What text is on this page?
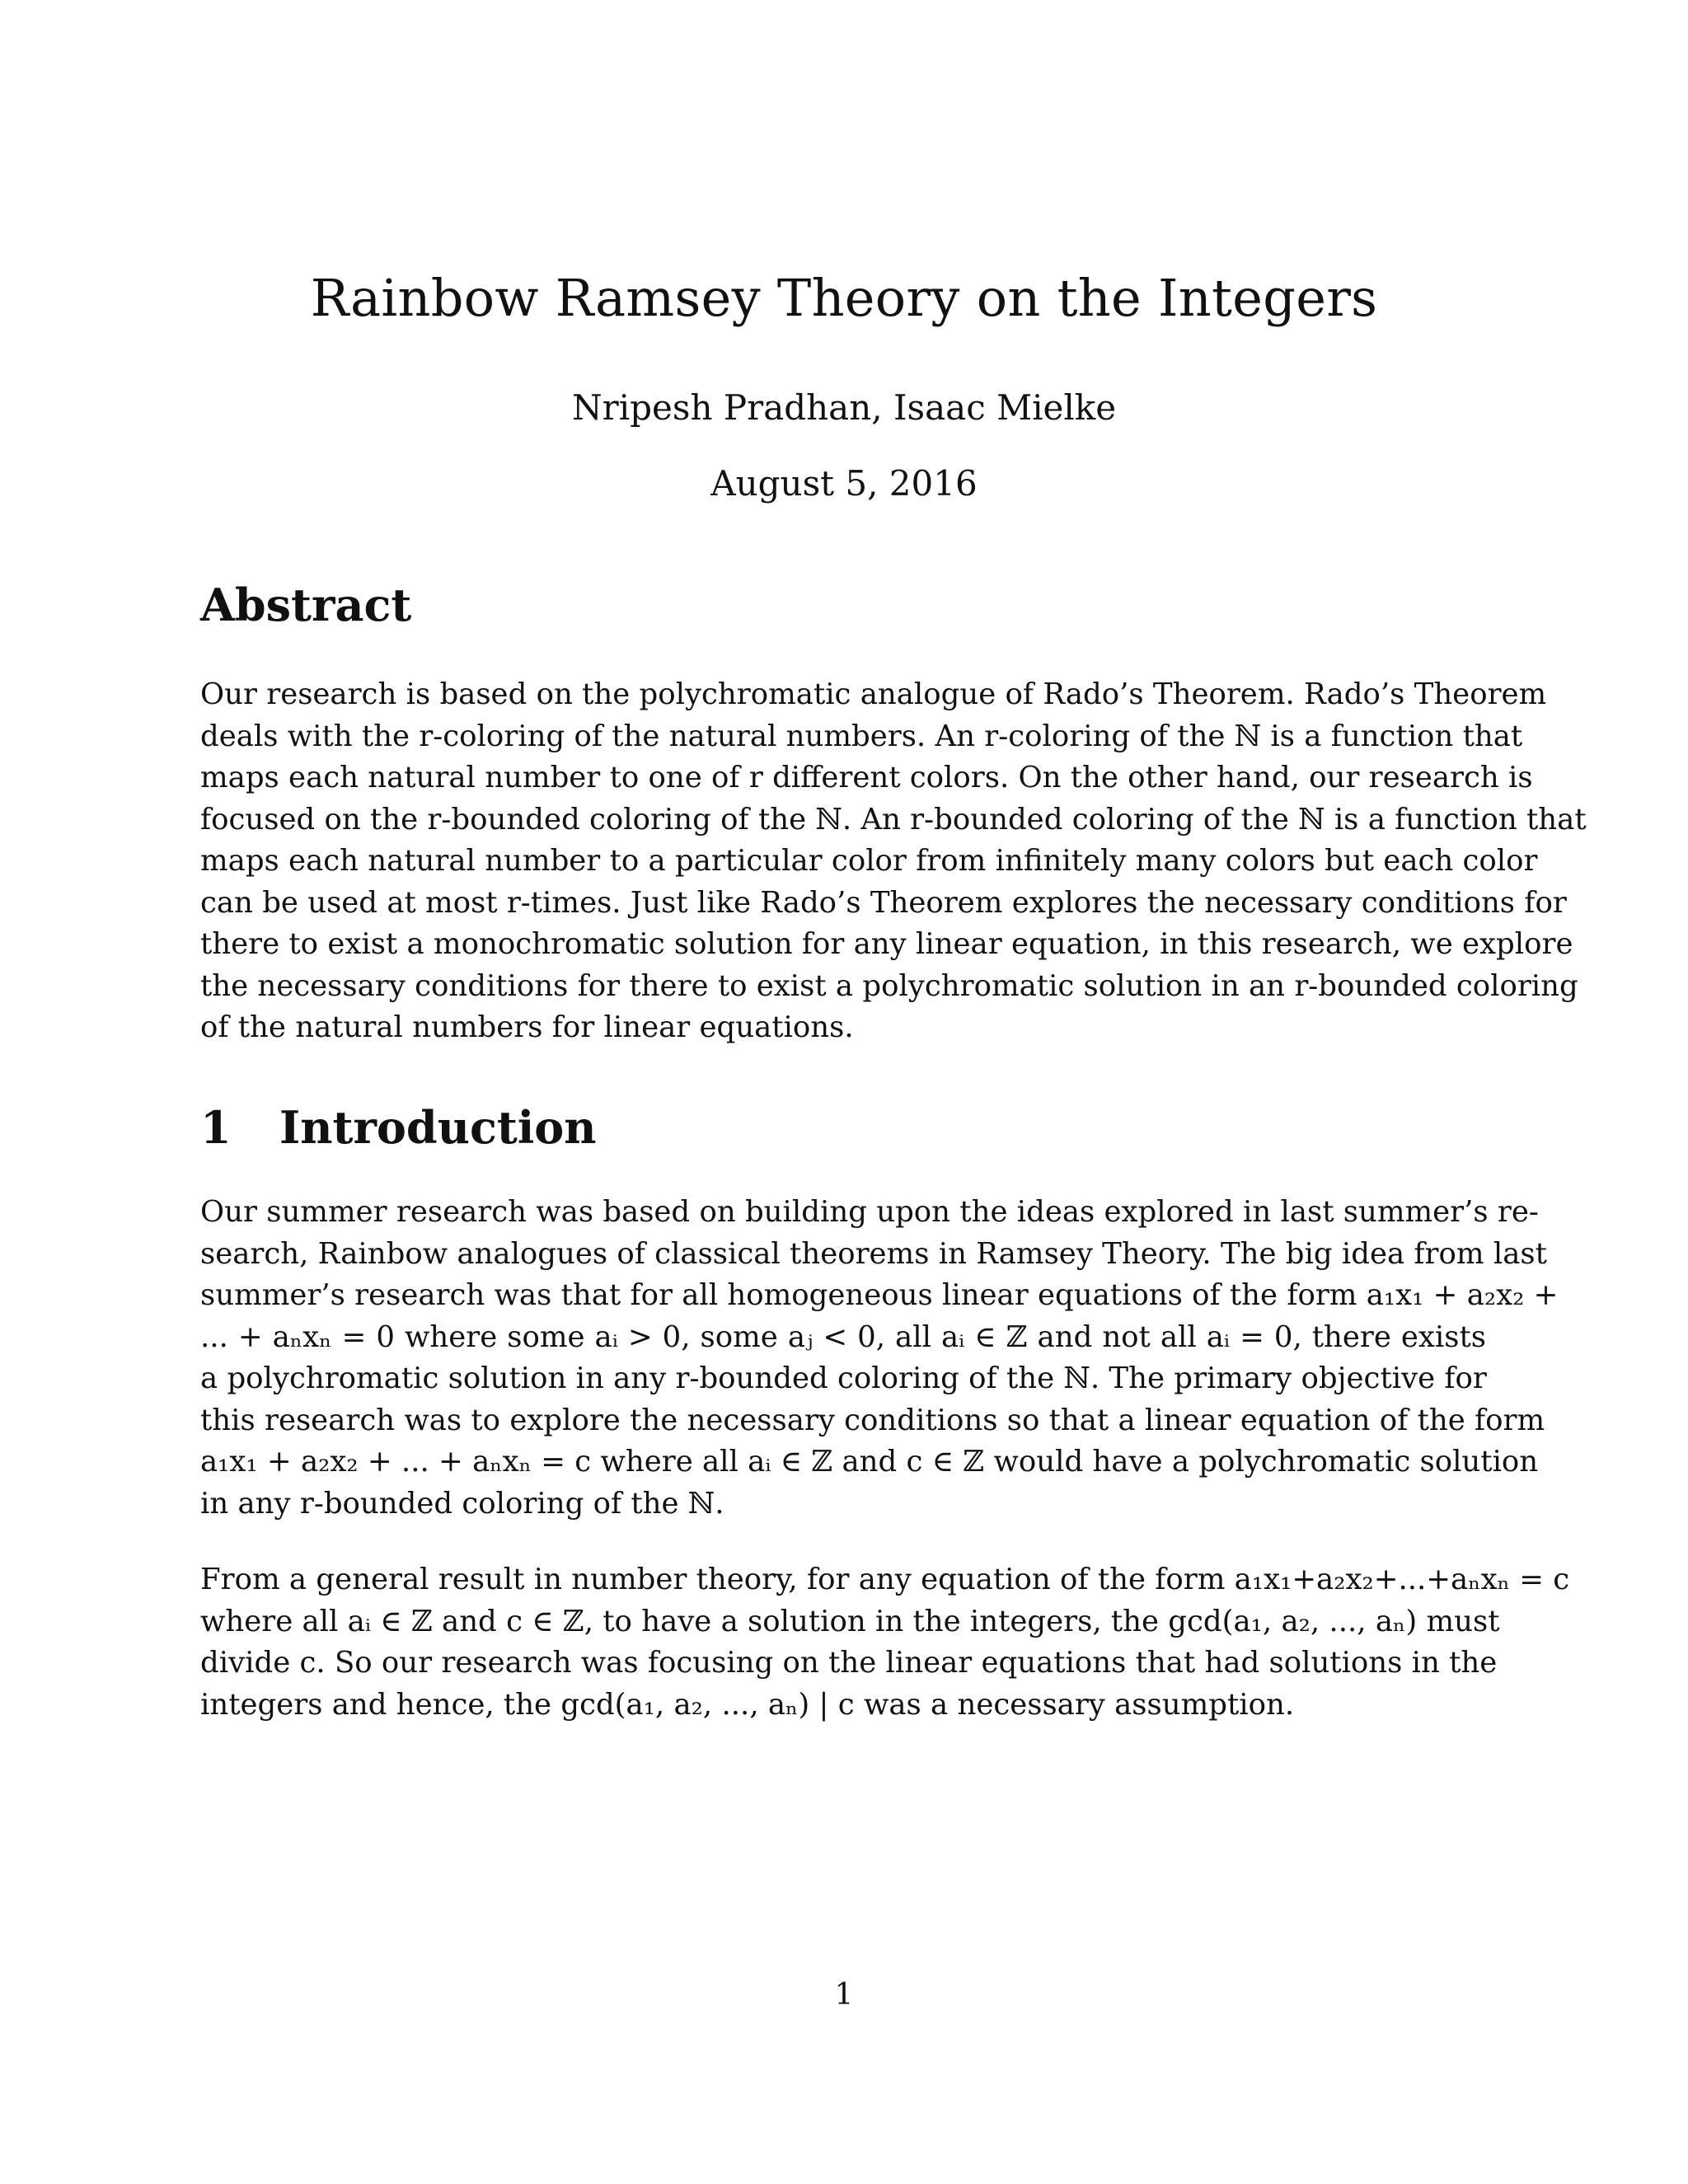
Rainbow Ramsey Theory on the Integers
Nripesh Pradhan, Isaac Mielke
August 5, 2016
Abstract
Our research is based on the polychromatic analogue of Rado’s Theorem. Rado’s Theorem
deals with the r-coloring of the natural numbers. An r-coloring of the ℕ is a function that
maps each natural number to one of r different colors. On the other hand, our research is
focused on the r-bounded coloring of the ℕ. An r-bounded coloring of the ℕ is a function that
maps each natural number to a particular color from infinitely many colors but each color
can be used at most r-times. Just like Rado’s Theorem explores the necessary conditions for
there to exist a monochromatic solution for any linear equation, in this research, we explore
the necessary conditions for there to exist a polychromatic solution in an r-bounded coloring
of the natural numbers for linear equations.
1 Introduction
Our summer research was based on building upon the ideas explored in last summer’s re-
search, Rainbow analogues of classical theorems in Ramsey Theory. The big idea from last
summer’s research was that for all homogeneous linear equations of the form a₁x₁ + a₂x₂ +
... + aₙxₙ = 0 where some aᵢ > 0, some aⱼ < 0, all aᵢ ∈ ℤ and not all aᵢ = 0, there exists
a polychromatic solution in any r-bounded coloring of the ℕ. The primary objective for
this research was to explore the necessary conditions so that a linear equation of the form
a₁x₁ + a₂x₂ + ... + aₙxₙ = c where all aᵢ ∈ ℤ and c ∈ ℤ would have a polychromatic solution
in any r-bounded coloring of the ℕ.
From a general result in number theory, for any equation of the form a₁x₁+a₂x₂+...+aₙxₙ = c
where all aᵢ ∈ ℤ and c ∈ ℤ, to have a solution in the integers, the gcd(a₁, a₂, ..., aₙ) must
divide c. So our research was focusing on the linear equations that had solutions in the
integers and hence, the gcd(a₁, a₂, ..., aₙ) | c was a necessary assumption.
1
